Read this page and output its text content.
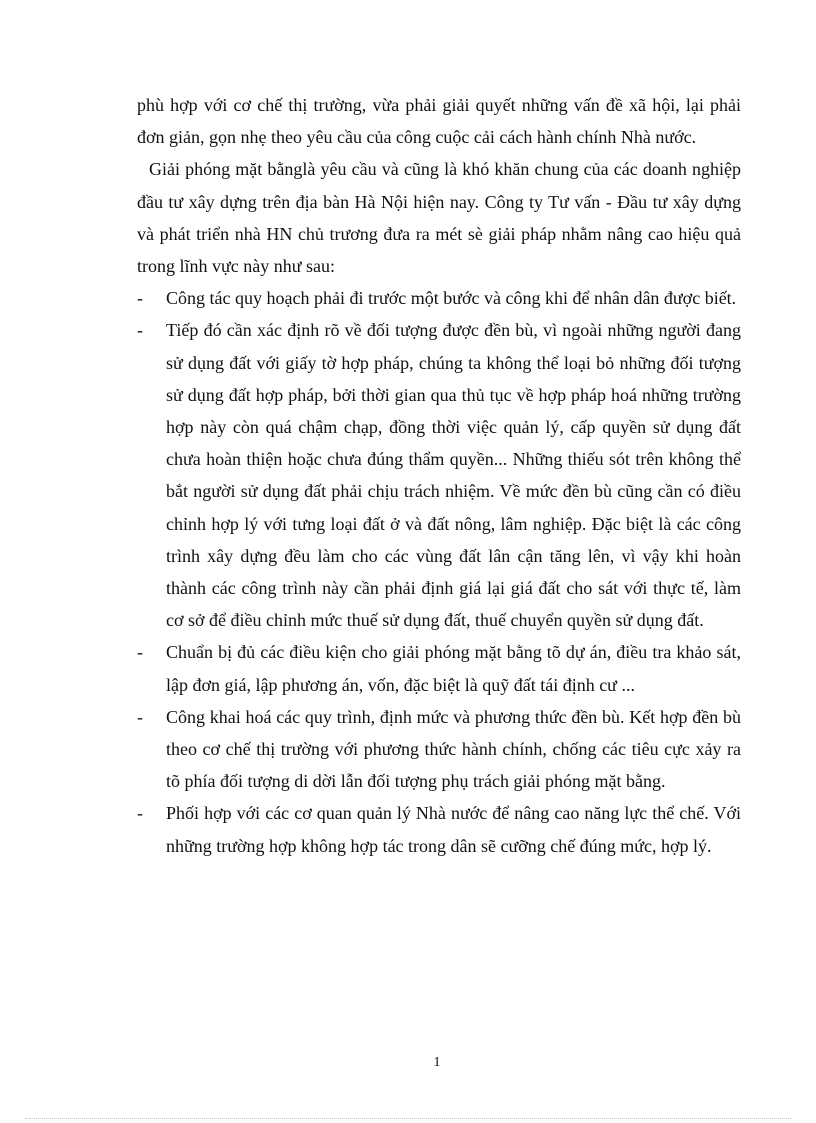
phù hợp với cơ chế thị trường, vừa phải giải quyết những vấn đề xã hội, lại phải đơn giản, gọn nhẹ theo yêu cầu của công cuộc cải cách hành chính Nhà nước.

Giải phóng mặt bằnglà yêu cầu và cũng là khó khăn chung của các doanh nghiệp đầu tư xây dựng trên địa bàn Hà Nội hiện nay. Công ty Tư vấn - Đầu tư xây dựng và phát triển nhà HN chủ trương đưa ra mét sè giải pháp nhằm nâng cao hiệu quả trong lĩnh vực này như sau:

-	Công tác quy hoạch phải đi trước một bước và công khi để nhân dân được biết.
-	Tiếp đó cần xác định rõ về đối tượng được đền bù, vì ngoài những người đang sử dụng đất với giấy tờ hợp pháp, chúng ta không thể loại bỏ những đối tượng sử dụng đất hợp pháp, bởi thời gian qua thủ tục về hợp pháp hoá những trường hợp này còn quá chậm chạp, đồng thời việc quản lý, cấp quyền sử dụng đất chưa hoàn thiện hoặc chưa đúng thẩm quyền... Những thiếu sót trên không thể bắt người sử dụng đất phải chịu trách nhiệm. Về mức đền bù cũng cần có điều chỉnh hợp lý với tưng loại đất ở và đất nông, lâm nghiệp. Đặc biệt là các công trình xây dựng đều làm cho các vùng đất lân cận tăng lên, vì vậy khi hoàn thành các công trình này cần phải định giá lại giá đất cho sát với thực tế, làm cơ sở để điều chỉnh mức thuế sử dụng đất, thuế chuyển quyền sử dụng đất.
-	Chuẩn bị đủ các điều kiện cho giải phóng mặt bằng tõ dự án, điều tra khảo sát, lập đơn giá, lập phương án, vốn, đặc biệt là quỹ đất tái định cư ...
-	Công khai hoá các quy trình, định mức và phương thức đền bù. Kết hợp đền bù theo cơ chế thị trường với phương thức hành chính, chống các tiêu cực xảy ra tõ phía đối tượng di dời lẫn đối tượng phụ trách giải phóng mặt bằng.
-	Phối hợp với các cơ quan quản lý Nhà nước để nâng cao năng lực thể chế. Với những trường hợp không hợp tác trong dân sẽ cưỡng chế đúng mức, hợp lý.
1
